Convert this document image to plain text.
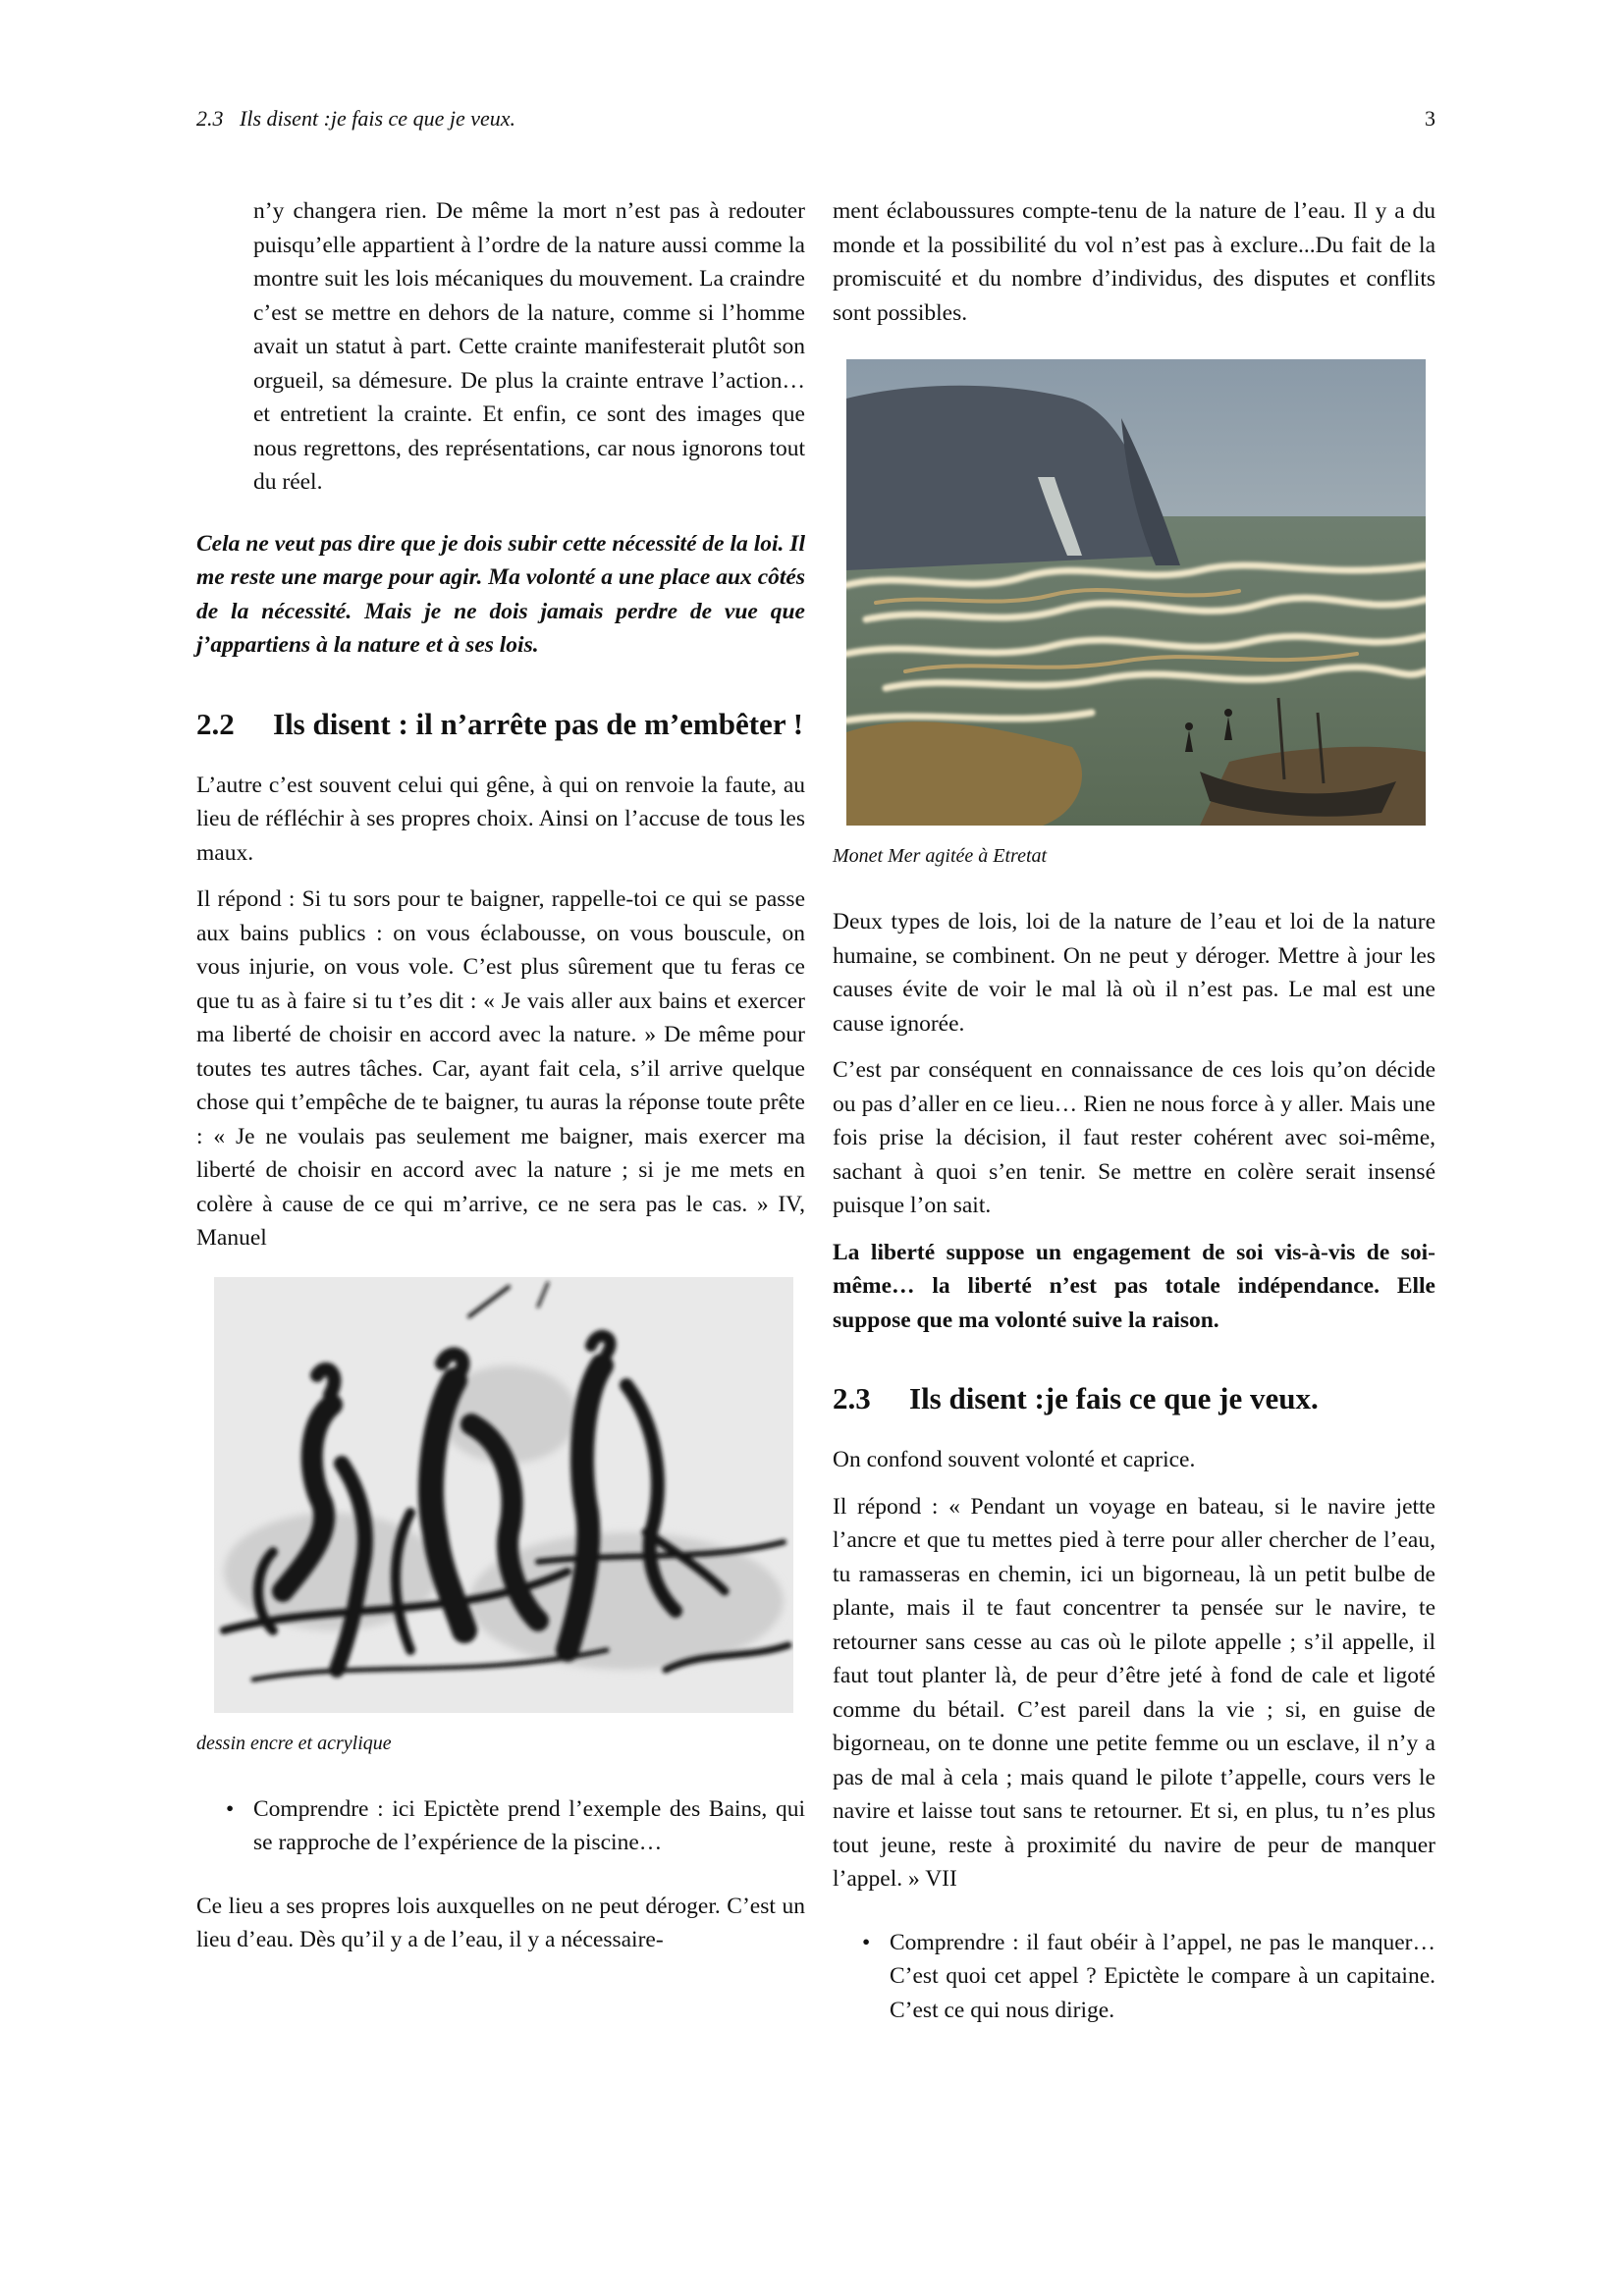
2.3   Ils disent :je fais ce que je veux.	3

n’y changera rien. De même la mort n’est pas à redouter puisqu’elle appartient à l’ordre de la nature aussi comme la montre suit les lois mécaniques du mouvement. La craindre c’est se mettre en dehors de la nature, comme si l’homme avait un statut à part. Cette crainte manifesterait plutôt son orgueil, sa démesure. De plus la crainte entrave l’action…et entretient la crainte. Et enfin, ce sont des images que nous regrettons, des représentations, car nous ignorons tout du réel.

Cela ne veut pas dire que je dois subir cette nécessité de la loi. Il me reste une marge pour agir. Ma volonté a une place aux côtés de la nécessité. Mais je ne dois jamais perdre de vue que j’appartiens à la nature et à ses lois.

2.2	Ils disent : il n’arrête pas de m’embêter !

L’autre c’est souvent celui qui gêne, à qui on renvoie la faute, au lieu de réfléchir à ses propres choix. Ainsi on l’accuse de tous les maux.

Il répond : Si tu sors pour te baigner, rappelle-toi ce qui se passe aux bains publics : on vous éclabousse, on vous bouscule, on vous injurie, on vous vole. C’est plus sûrement que tu feras ce que tu as à faire si tu t’es dit : « Je vais aller aux bains et exercer ma liberté de choisir en accord avec la nature. » De même pour toutes tes autres tâches. Car, ayant fait cela, s’il arrive quelque chose qui t’empêche de te baigner, tu auras la réponse toute prête : « Je ne voulais pas seulement me baigner, mais exercer ma liberté de choisir en accord avec la nature ; si je me mets en colère à cause de ce qui m’arrive, ce ne sera pas le cas. » IV, Manuel

dessin encre et acrylique
• Comprendre : ici Epictète prend l’exemple des Bains, qui se rapproche de l’expérience de la piscine…

Ce lieu a ses propres lois auxquelles on ne peut déroger. C’est un lieu d’eau. Dès qu’il y a de l’eau, il y a nécessaire-

ment éclaboussures compte-tenu de la nature de l’eau. Il y a du monde et la possibilité du vol n’est pas à exclure...Du fait de la promiscuité et du nombre d’individus, des disputes et conflits sont possibles.

Monet Mer agitée à Etretat

Deux types de lois, loi de la nature de l’eau et loi de la nature humaine, se combinent. On ne peut y déroger. Mettre à jour les causes évite de voir le mal là où il n’est pas. Le mal est une cause ignorée.

C’est par conséquent en connaissance de ces lois qu’on décide ou pas d’aller en ce lieu… Rien ne nous force à y aller. Mais une fois prise la décision, il faut rester cohérent avec soi-même, sachant à quoi s’en tenir. Se mettre en colère serait insensé puisque l’on sait.

La liberté suppose un engagement de soi vis-à-vis de soi-même… la liberté n’est pas totale indépendance. Elle suppose que ma volonté suive la raison.

2.3	Ils disent :je fais ce que je veux.

On confond souvent volonté et caprice.

Il répond : « Pendant un voyage en bateau, si le navire jette l’ancre et que tu mettes pied à terre pour aller chercher de l’eau, tu ramasseras en chemin, ici un bigorneau, là un petit bulbe de plante, mais il te faut concentrer ta pensée sur le navire, te retourner sans cesse au cas où le pilote appelle ; s’il appelle, il faut tout planter là, de peur d’être jeté à fond de cale et ligoté comme du bétail. C’est pareil dans la vie ; si, en guise de bigorneau, on te donne une petite femme ou un esclave, il n’y a pas de mal à cela ; mais quand le pilote t’appelle, cours vers le navire et laisse tout sans te retourner. Et si, en plus, tu n’es plus tout jeune, reste à proximité du navire de peur de manquer l’appel. » VII

• Comprendre : il faut obéir à l’appel, ne pas le manquer… C’est quoi cet appel ? Epictète le compare à un capitaine. C’est ce qui nous dirige.
